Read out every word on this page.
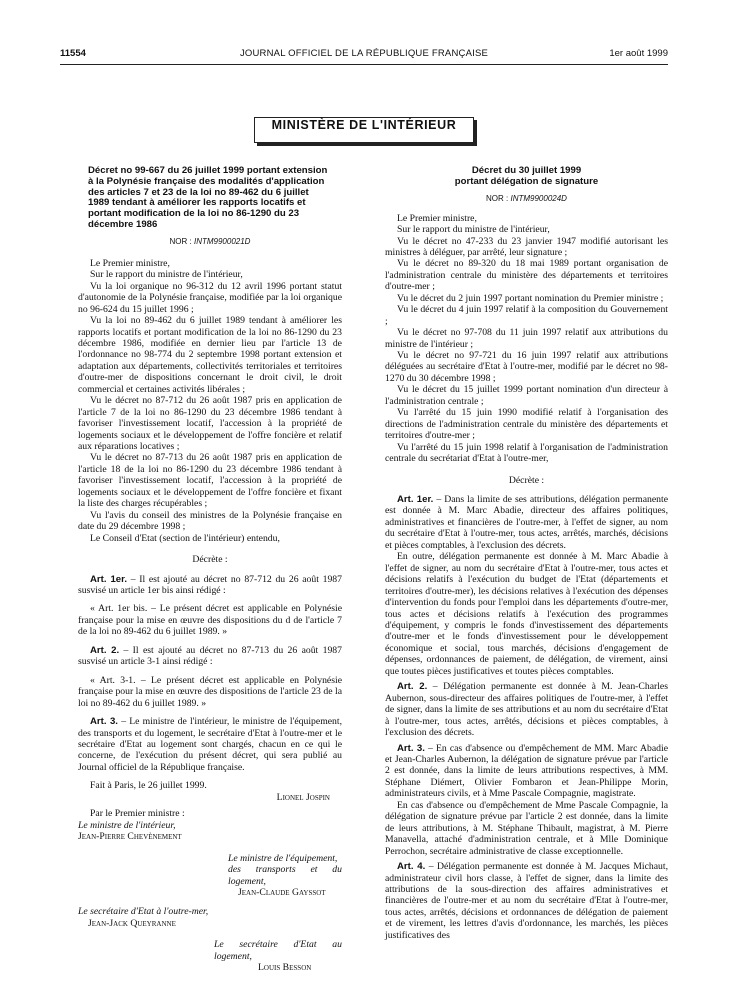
11554	JOURNAL OFFICIEL DE LA RÉPUBLIQUE FRANÇAISE	1er août 1999
MINISTÈRE DE L'INTÉRIEUR
Décret no 99-667 du 26 juillet 1999 portant extension à la Polynésie française des modalités d'application des articles 7 et 23 de la loi no 89-462 du 6 juillet 1989 tendant à améliorer les rapports locatifs et portant modification de la loi no 86-1290 du 23 décembre 1986
NOR : INTM9900021D

Le Premier ministre,

Sur le rapport du ministre de l'intérieur,

Vu la loi organique no 96-312 du 12 avril 1996 portant statut d'autonomie de la Polynésie française, modifiée par la loi organique no 96-624 du 15 juillet 1996 ;

Vu la loi no 89-462 du 6 juillet 1989 tendant à améliorer les rapports locatifs et portant modification de la loi no 86-1290 du 23 décembre 1986, modifiée en dernier lieu par l'article 13 de l'ordonnance no 98-774 du 2 septembre 1998 portant extension et adaptation aux départements, collectivités territoriales et territoires d'outre-mer de dispositions concernant le droit civil, le droit commercial et certaines activités libérales ;

Vu le décret no 87-712 du 26 août 1987 pris en application de l'article 7 de la loi no 86-1290 du 23 décembre 1986 tendant à favoriser l'investissement locatif, l'accession à la propriété de logements sociaux et le développement de l'offre foncière et relatif aux réparations locatives ;

Vu le décret no 87-713 du 26 août 1987 pris en application de l'article 18 de la loi no 86-1290 du 23 décembre 1986 tendant à favoriser l'investissement locatif, l'accession à la propriété de logements sociaux et le développement de l'offre foncière et fixant la liste des charges récupérables ;

Vu l'avis du conseil des ministres de la Polynésie française en date du 29 décembre 1998 ;

Le Conseil d'Etat (section de l'intérieur) entendu,

Décrète :

Art. 1er. – Il est ajouté au décret no 87-712 du 26 août 1987 susvisé un article 1er bis ainsi rédigé :

« Art. 1er bis. – Le présent décret est applicable en Polynésie française pour la mise en œuvre des dispositions du d de l'article 7 de la loi no 89-462 du 6 juillet 1989. »

Art. 2. – Il est ajouté au décret no 87-713 du 26 août 1987 susvisé un article 3-1 ainsi rédigé :

« Art. 3-1. – Le présent décret est applicable en Polynésie française pour la mise en œuvre des dispositions de l'article 23 de la loi no 89-462 du 6 juillet 1989. »

Art. 3. – Le ministre de l'intérieur, le ministre de l'équipement, des transports et du logement, le secrétaire d'Etat à l'outre-mer et le secrétaire d'Etat au logement sont chargés, chacun en ce qui le concerne, de l'exécution du présent décret, qui sera publié au Journal officiel de la République française.

Fait à Paris, le 26 juillet 1999.

Lionel Jospin

Par le Premier ministre :

Le ministre de l'intérieur,

Jean-Pierre Chevènement

Le ministre de l'équipement,
des transports et du logement,
Jean-Claude Gayssot

Le secrétaire d'Etat à l'outre-mer,

Jean-Jack Queyranne

Le secrétaire d'Etat au logement,
Louis Besson
Décret du 30 juillet 1999
portant délégation de signature
NOR : INTM9900024D

Le Premier ministre,

Sur le rapport du ministre de l'intérieur,

Vu le décret no 47-233 du 23 janvier 1947 modifié autorisant les ministres à déléguer, par arrêté, leur signature ;

Vu le décret no 89-320 du 18 mai 1989 portant organisation de l'administration centrale du ministère des départements et territoires d'outre-mer ;

Vu le décret du 2 juin 1997 portant nomination du Premier ministre ;

Vu le décret du 4 juin 1997 relatif à la composition du Gouvernement ;

Vu le décret no 97-708 du 11 juin 1997 relatif aux attributions du ministre de l'intérieur ;

Vu le décret no 97-721 du 16 juin 1997 relatif aux attributions déléguées au secrétaire d'Etat à l'outre-mer, modifié par le décret no 98-1270 du 30 décembre 1998 ;

Vu le décret du 15 juillet 1999 portant nomination d'un directeur à l'administration centrale ;

Vu l'arrêté du 15 juin 1990 modifié relatif à l'organisation des directions de l'administration centrale du ministère des départements et territoires d'outre-mer ;

Vu l'arrêté du 15 juin 1998 relatif à l'organisation de l'administration centrale du secrétariat d'Etat à l'outre-mer,

Décrète :

Art. 1er. – Dans la limite de ses attributions, délégation permanente est donnée à M. Marc Abadie, directeur des affaires politiques, administratives et financières de l'outre-mer, à l'effet de signer, au nom du secrétaire d'Etat à l'outre-mer, tous actes, arrêtés, marchés, décisions et pièces comptables, à l'exclusion des décrets.

En outre, délégation permanente est donnée à M. Marc Abadie à l'effet de signer, au nom du secrétaire d'Etat à l'outre-mer, tous actes et décisions relatifs à l'exécution du budget de l'Etat (départements et territoires d'outre-mer), les décisions relatives à l'exécution des dépenses d'intervention du fonds pour l'emploi dans les départements d'outre-mer, tous actes et décisions relatifs à l'exécution des programmes d'équipement, y compris le fonds d'investissement des départements d'outre-mer et le fonds d'investissement pour le développement économique et social, tous marchés, décisions d'engagement de dépenses, ordonnances de paiement, de délégation, de virement, ainsi que toutes pièces justificatives et toutes pièces comptables.

Art. 2. – Délégation permanente est donnée à M. Jean-Charles Aubernon, sous-directeur des affaires politiques de l'outre-mer, à l'effet de signer, dans la limite de ses attributions et au nom du secrétaire d'Etat à l'outre-mer, tous actes, arrêtés, décisions et pièces comptables, à l'exclusion des décrets.

Art. 3. – En cas d'absence ou d'empêchement de MM. Marc Abadie et Jean-Charles Aubernon, la délégation de signature prévue par l'article 2 est donnée, dans la limite de leurs attributions respectives, à MM. Stéphane Diémert, Olivier Fombaron et Jean-Philippe Morin, administrateurs civils, et à Mme Pascale Compagnie, magistrate.

En cas d'absence ou d'empêchement de Mme Pascale Compagnie, la délégation de signature prévue par l'article 2 est donnée, dans la limite de leurs attributions, à M. Stéphane Thibault, magistrat, à M. Pierre Manavella, attaché d'administration centrale, et à Mlle Dominique Perrochon, secrétaire administrative de classe exceptionnelle.

Art. 4. – Délégation permanente est donnée à M. Jacques Michaut, administrateur civil hors classe, à l'effet de signer, dans la limite des attributions de la sous-direction des affaires administratives et financières de l'outre-mer et au nom du secrétaire d'Etat à l'outre-mer, tous actes, arrêtés, décisions et ordonnances de délégation de paiement et de virement, les lettres d'avis d'ordonnance, les marchés, les pièces justificatives des
